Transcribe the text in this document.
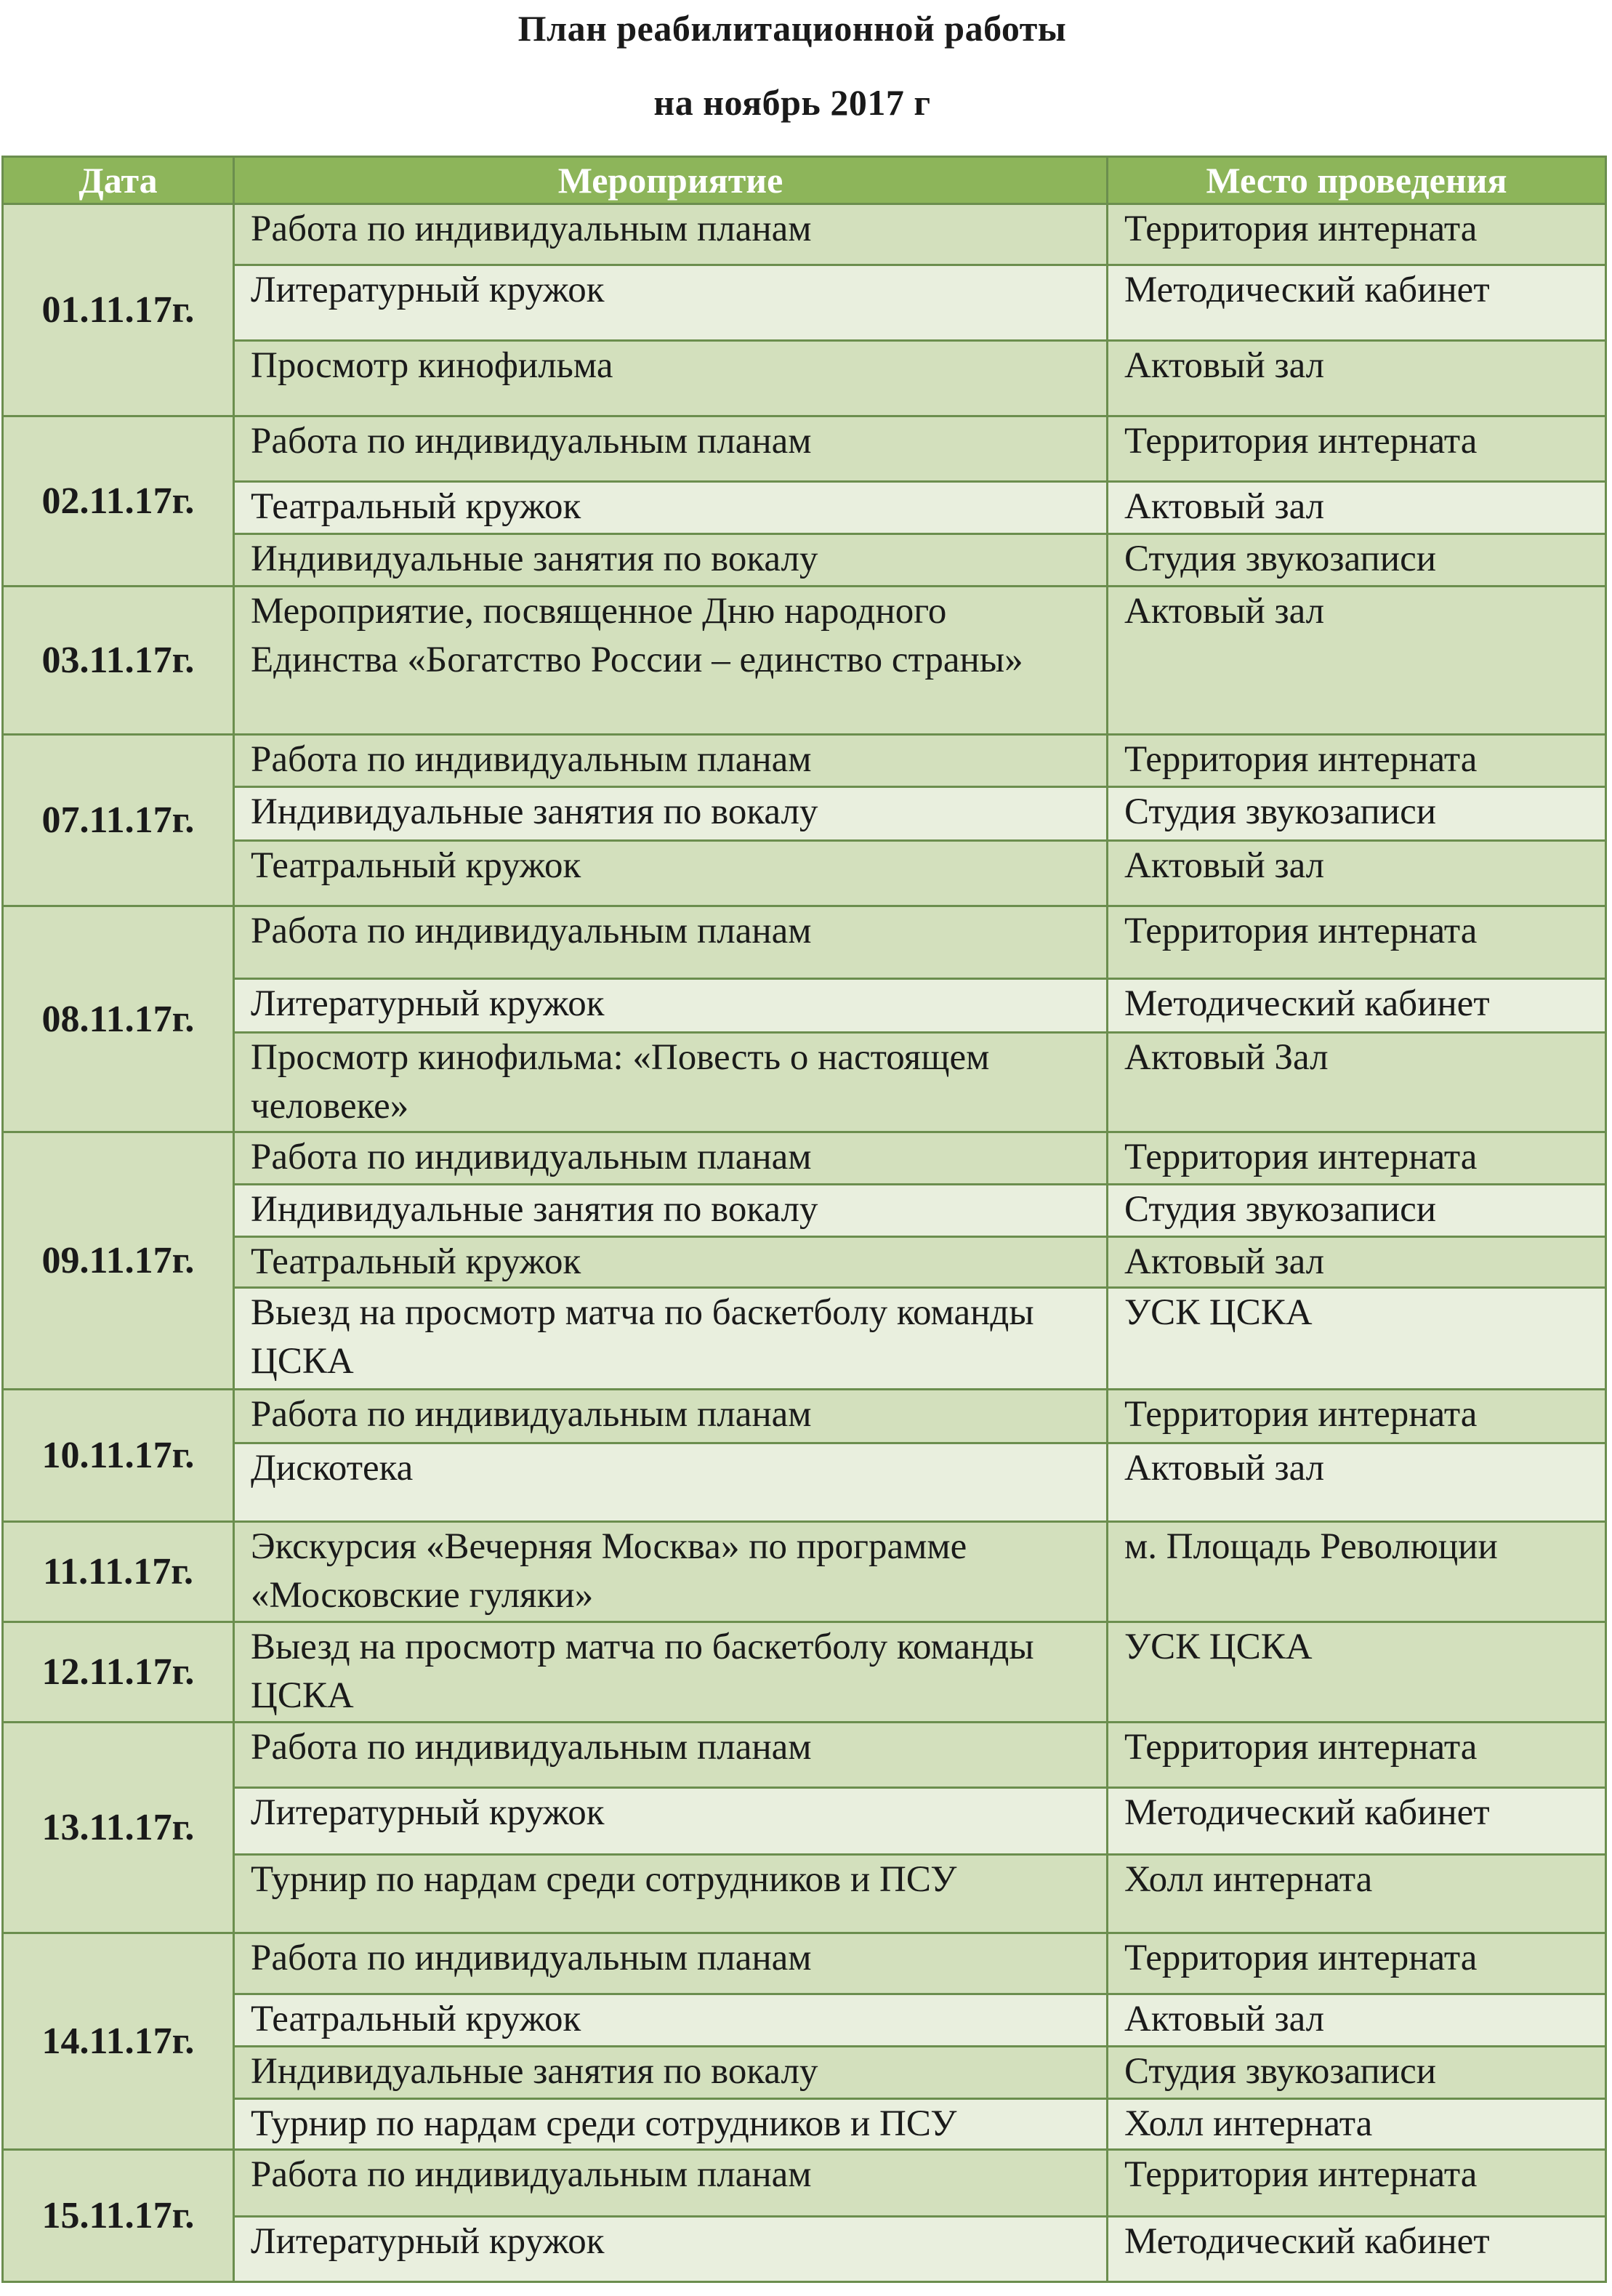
План реабилитационной работы
на ноябрь 2017 г
Дата	Мероприятие	Место проведения
01.11.17г.	Работа по индивидуальным планам	Территория интерната
	Литературный кружок	Методический кабинет
	Просмотр кинофильма	Актовый зал
02.11.17г.	Работа по индивидуальным планам	Территория интерната
	Театральный кружок	Актовый зал
	Индивидуальные занятия по вокалу	Студия звукозаписи
03.11.17г.	Мероприятие, посвященное Дню народного Единства «Богатство России – единство страны»	Актовый зал
07.11.17г.	Работа по индивидуальным планам	Территория интерната
	Индивидуальные занятия по вокалу	Студия звукозаписи
	Театральный кружок	Актовый зал
08.11.17г.	Работа по индивидуальным планам	Территория интерната
	Литературный кружок	Методический кабинет
	Просмотр кинофильма: «Повесть о настоящем человеке»	Актовый Зал
09.11.17г.	Работа по индивидуальным планам	Территория интерната
	Индивидуальные занятия по вокалу	Студия звукозаписи
	Театральный кружок	Актовый зал
	Выезд на просмотр матча по баскетболу команды ЦСКА	УСК ЦСКА
10.11.17г.	Работа по индивидуальным планам	Территория интерната
	Дискотека	Актовый зал
11.11.17г.	Экскурсия «Вечерняя Москва» по программе «Московские гуляки»	м. Площадь Революции
12.11.17г.	Выезд на просмотр матча по баскетболу команды ЦСКА	УСК ЦСКА
13.11.17г.	Работа по индивидуальным планам	Территория интерната
	Литературный кружок	Методический кабинет
	Турнир по нардам среди сотрудников и ПСУ	Холл интерната
14.11.17г.	Работа по индивидуальным планам	Территория интерната
	Театральный кружок	Актовый зал
	Индивидуальные занятия по вокалу	Студия звукозаписи
	Турнир по нардам среди сотрудников и ПСУ	Холл интерната
15.11.17г.	Работа по индивидуальным планам	Территория интерната
	Литературный кружок	Методический кабинет
